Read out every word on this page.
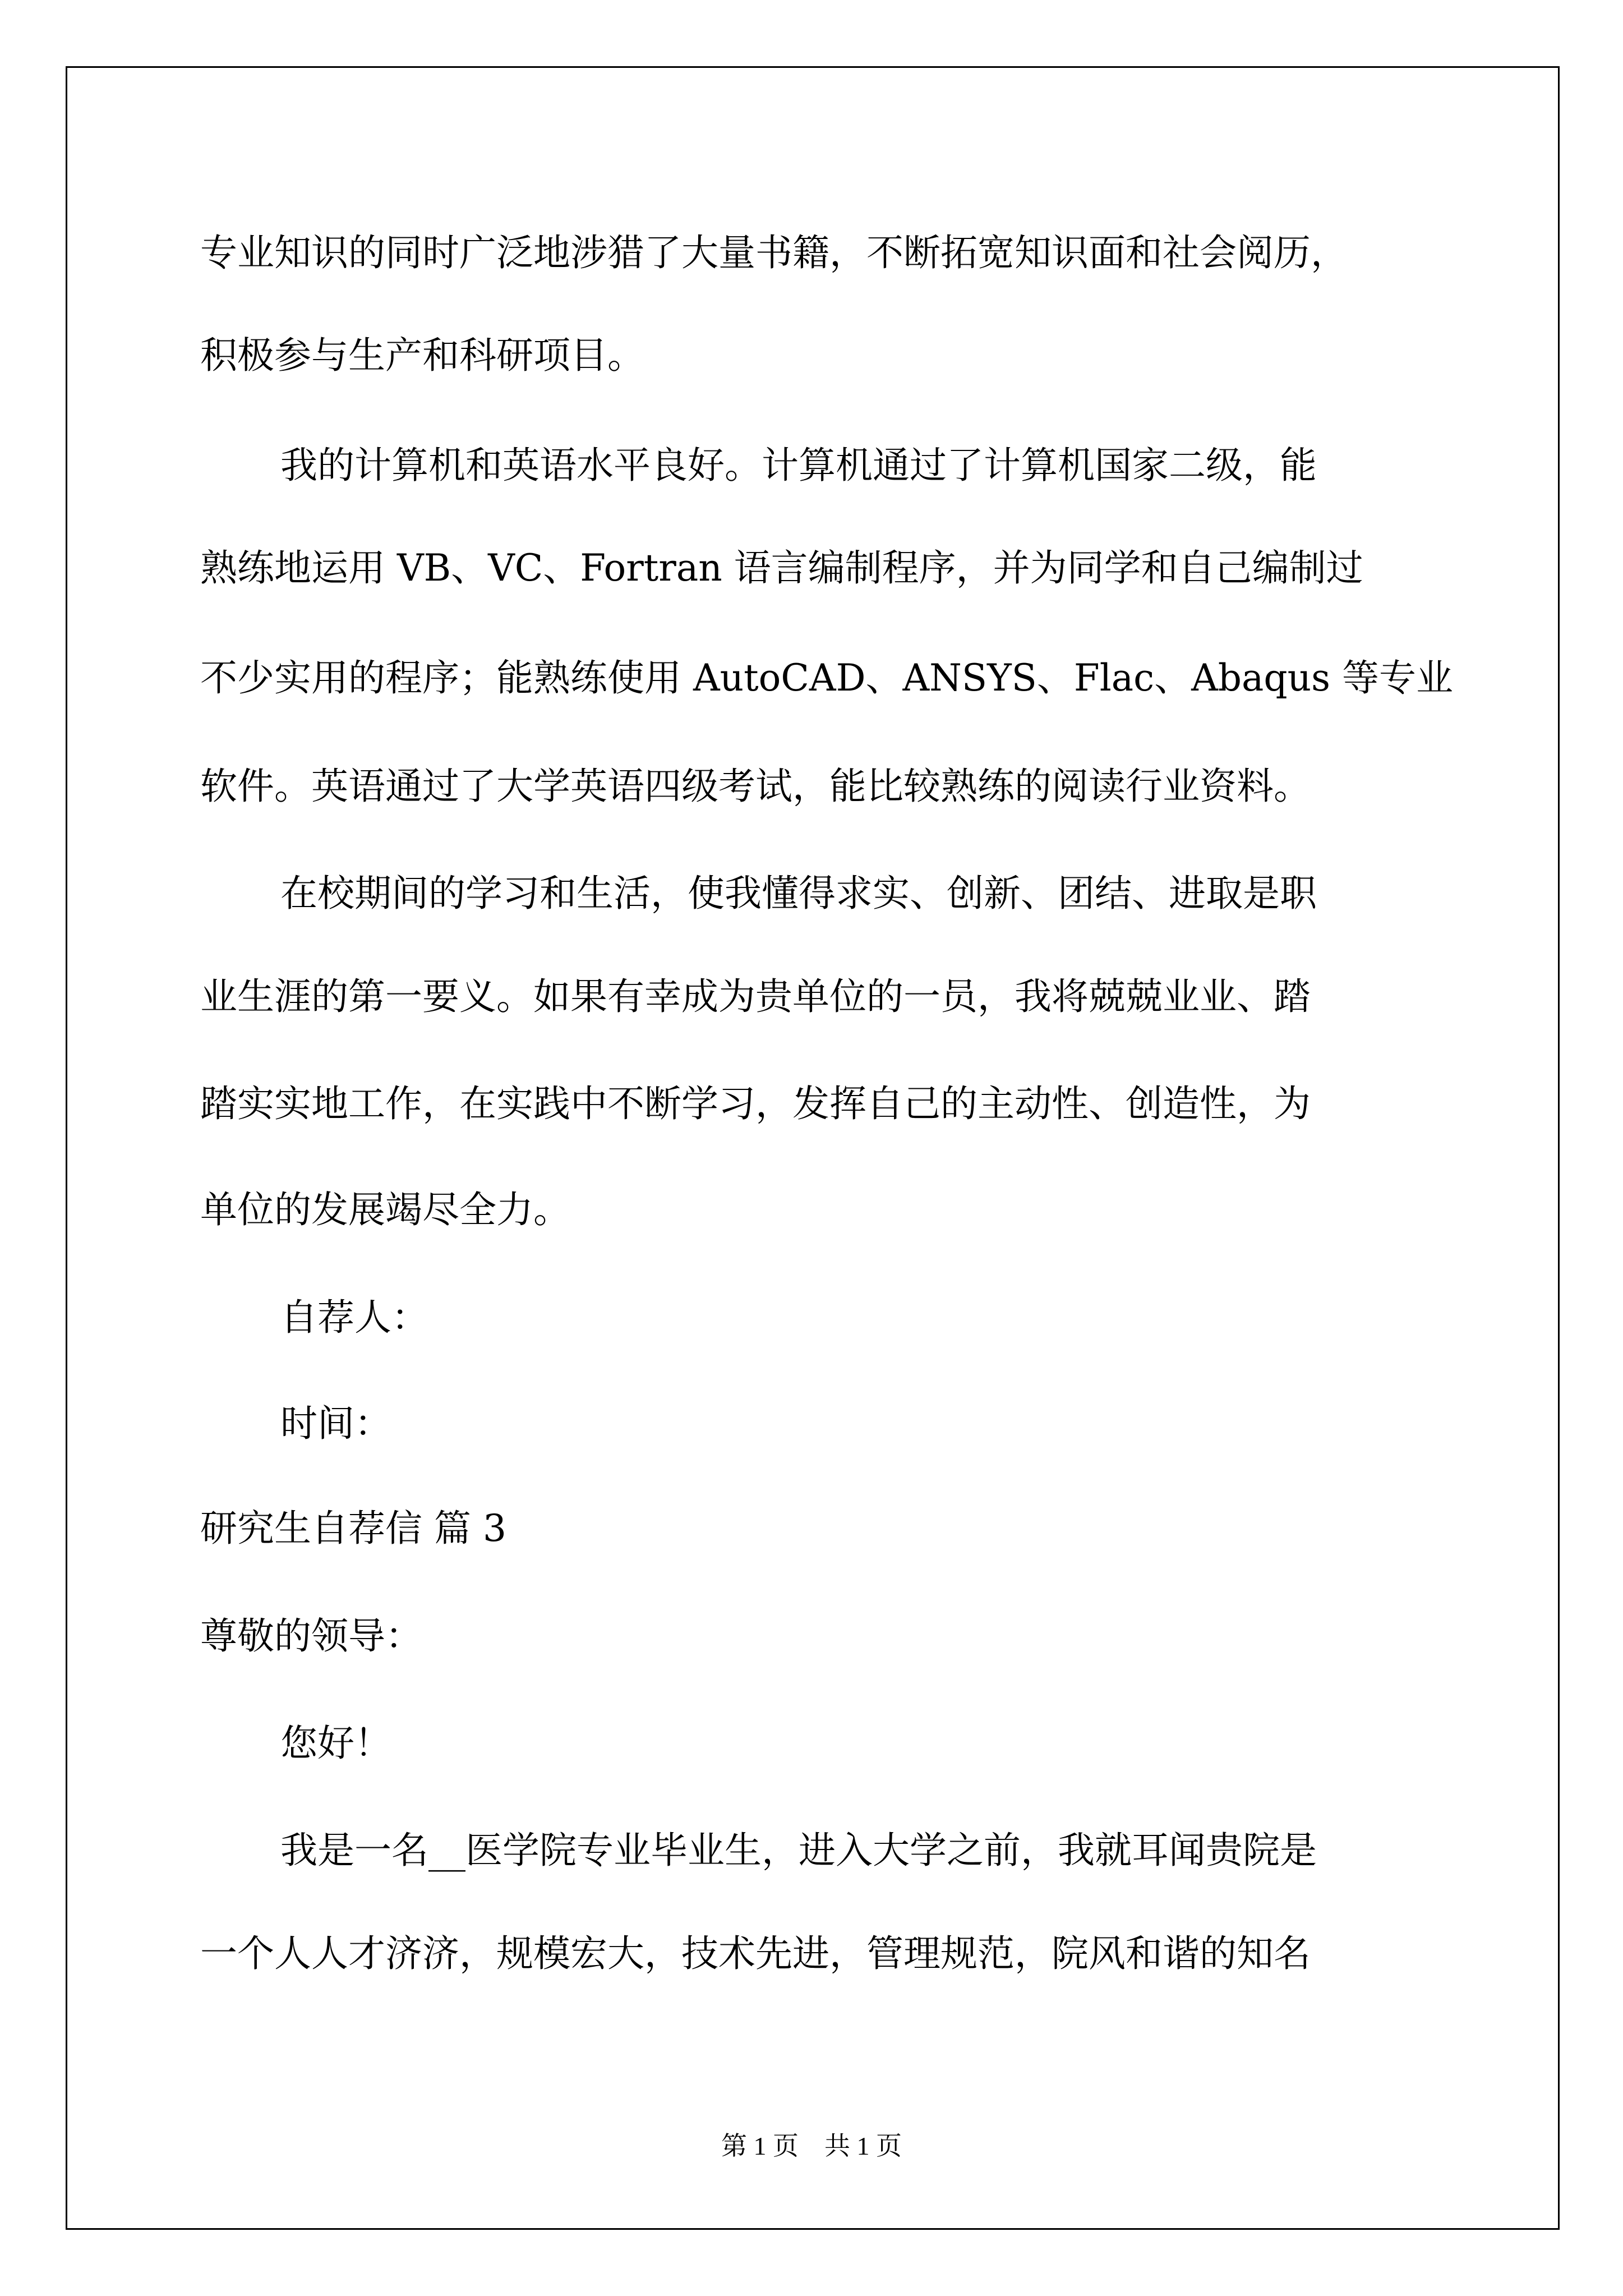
专业知识的同时广泛地涉猎了大量书籍，不断拓宽知识面和社会阅历，
积极参与生产和科研项目。
我的计算机和英语水平良好。计算机通过了计算机国家二级，能
熟练地运用 VB、VC、Fortran 语言编制程序，并为同学和自己编制过
不少实用的程序；能熟练使用 AutoCAD、ANSYS、Flac、Abaqus 等专业
软件。英语通过了大学英语四级考试，能比较熟练的阅读行业资料。
在校期间的学习和生活，使我懂得求实、创新、团结、进取是职
业生涯的第一要义。如果有幸成为贵单位的一员，我将兢兢业业、踏
踏实实地工作，在实践中不断学习，发挥自己的主动性、创造性，为
单位的发展竭尽全力。
自荐人：
时间：
研究生自荐信 篇 3
尊敬的领导：
您好！
我是一名__医学院专业毕业生，进入大学之前，我就耳闻贵院是
一个人人才济济，规模宏大，技术先进，管理规范，院风和谐的知名
第 1 页　共 1 页
